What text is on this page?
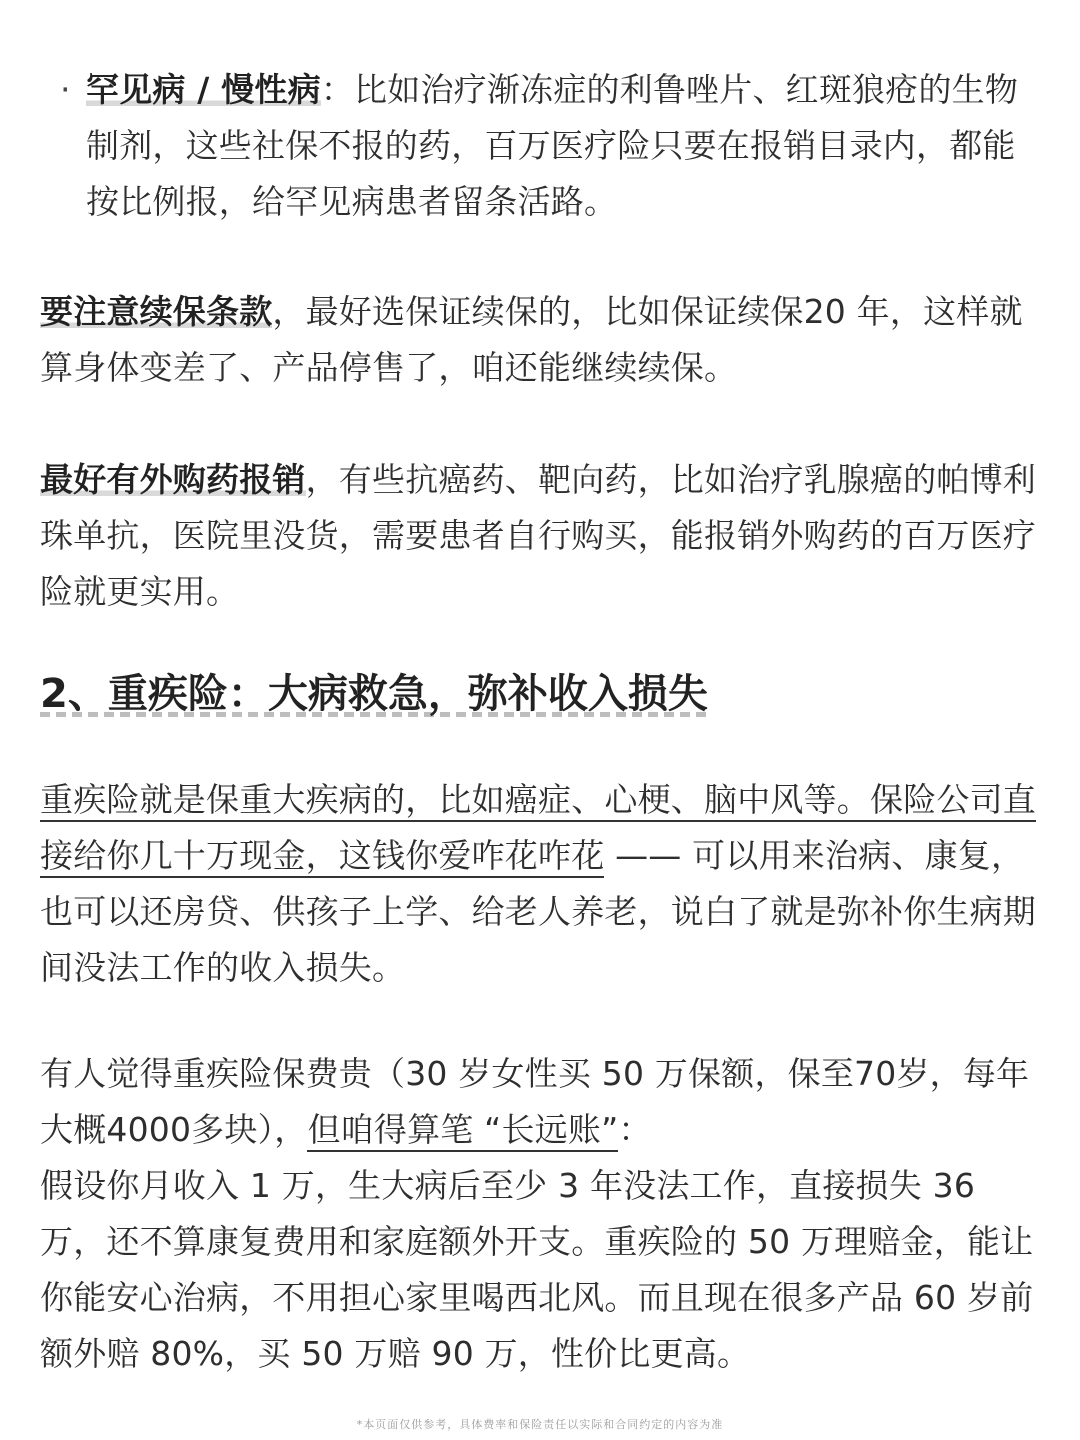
· 罕见病 / 慢性病：比如治疗渐冻症的利鲁唑片、红斑狼疮的生物制剂，这些社保不报的药，百万医疗险只要在报销目录内，都能按比例报，给罕见病患者留条活路。
要注意续保条款，最好选保证续保的，比如保证续保20 年，这样就算身体变差了、产品停售了，咱还能继续续保。
最好有外购药报销，有些抗癌药、靶向药，比如治疗乳腺癌的帕博利珠单抗，医院里没货，需要患者自行购买，能报销外购药的百万医疗险就更实用。
2、重疾险：大病救急，弥补收入损失
重疾险就是保重大疾病的，比如癌症、心梗、脑中风等。保险公司直接给你几十万现金，这钱你爱咋花咋花 —— 可以用来治病、康复，也可以还房贷、供孩子上学、给老人养老，说白了就是弥补你生病期间没法工作的收入损失。
有人觉得重疾险保费贵（30 岁女性买 50 万保额，保至70岁，每年大概4000多块），但咱得算笔 “长远账”：
假设你月收入 1 万，生大病后至少 3 年没法工作，直接损失 36 万，还不算康复费用和家庭额外开支。重疾险的 50 万理赔金，能让你能安心治病，不用担心家里喝西北风。而且现在很多产品 60 岁前额外赔 80%，买 50 万赔 90 万，性价比更高。
*本页面仅供参考，具体费率和保险责任以实际和合同约定的内容为准
